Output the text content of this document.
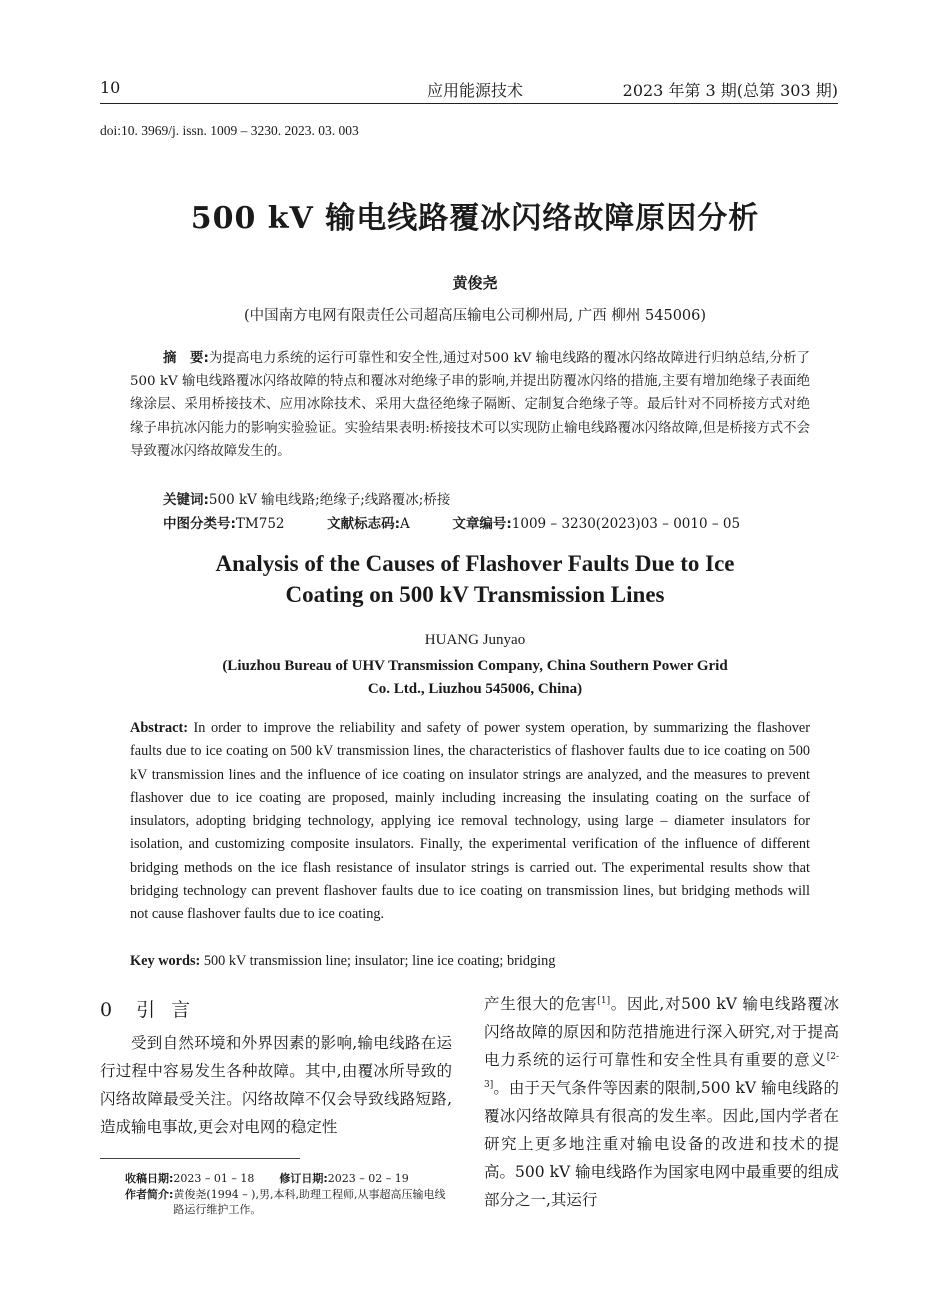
10	应用能源技术	2023 年第 3 期(总第 303 期)
doi:10. 3969/j. issn. 1009 – 3230. 2023. 03. 003
500 kV 输电线路覆冰闪络故障原因分析
黄俊尧
(中国南方电网有限责任公司超高压输电公司柳州局, 广西 柳州 545006)
摘　要:为提高电力系统的运行可靠性和安全性,通过对500 kV 输电线路的覆冰闪络故障进行归纳总结,分析了 500 kV 输电线路覆冰闪络故障的特点和覆冰对绝缘子串的影响,并提出防覆冰闪络的措施,主要有增加绝缘子表面绝缘涂层、采用桥接技术、应用冰除技术、采用大盘径绝缘子隔断、定制复合绝缘子等。最后针对不同桥接方式对绝缘子串抗冰闪能力的影响实验验证。实验结果表明:桥接技术可以实现防止输电线路覆冰闪络故障,但是桥接方式不会导致覆冰闪络故障发生的。
关键词:500 kV 输电线路;绝缘子;线路覆冰;桥接
中图分类号:TM752	文献标志码:A	文章编号:1009 – 3230(2023)03 – 0010 – 05
Analysis of the Causes of Flashover Faults Due to Ice
Coating on 500 kV Transmission Lines
HUANG Junyao
(Liuzhou Bureau of UHV Transmission Company, China Southern Power Grid
Co. Ltd., Liuzhou 545006, China)
Abstract: In order to improve the reliability and safety of power system operation, by summarizing the flashover faults due to ice coating on 500 kV transmission lines, the characteristics of flashover faults due to ice coating on 500 kV transmission lines and the influence of ice coating on insulator strings are analyzed, and the measures to prevent flashover due to ice coating are proposed, mainly including increasing the insulating coating on the surface of insulators, adopting bridging technology, applying ice removal technology, using large – diameter insulators for isolation, and customizing composite insulators. Finally, the experimental verification of the influence of different bridging methods on the ice flash resistance of insulator strings is carried out. The experimental results show that bridging technology can prevent flashover faults due to ice coating on transmission lines, but bridging methods will not cause flashover faults due to ice coating.
Key words: 500 kV transmission line; insulator; line ice coating; bridging
0 引言
受到自然环境和外界因素的影响,输电线路在运行过程中容易发生各种故障。其中,由覆冰所导致的闪络故障最受关注。闪络故障不仅会导致线路短路,造成输电事故,更会对电网的稳定性
产生很大的危害[1]。因此,对500 kV 输电线路覆冰闪络故障的原因和防范措施进行深入研究,对于提高电力系统的运行可靠性和安全性具有重要的意义[2-3]。由于天气条件等因素的限制,500 kV 输电线路的覆冰闪络故障具有很高的发生率。因此,国内学者在研究上更多地注重对输电设备的改进和技术的提高。500 kV 输电线路作为国家电网中最重要的组成部分之一,其运行
收稿日期:2023 – 01 – 18 修订日期:2023 – 02 – 19
作者简介: 黄俊尧(1994 – ),男,本科,助理工程师,从事超高压输电线路运行维护工作。
